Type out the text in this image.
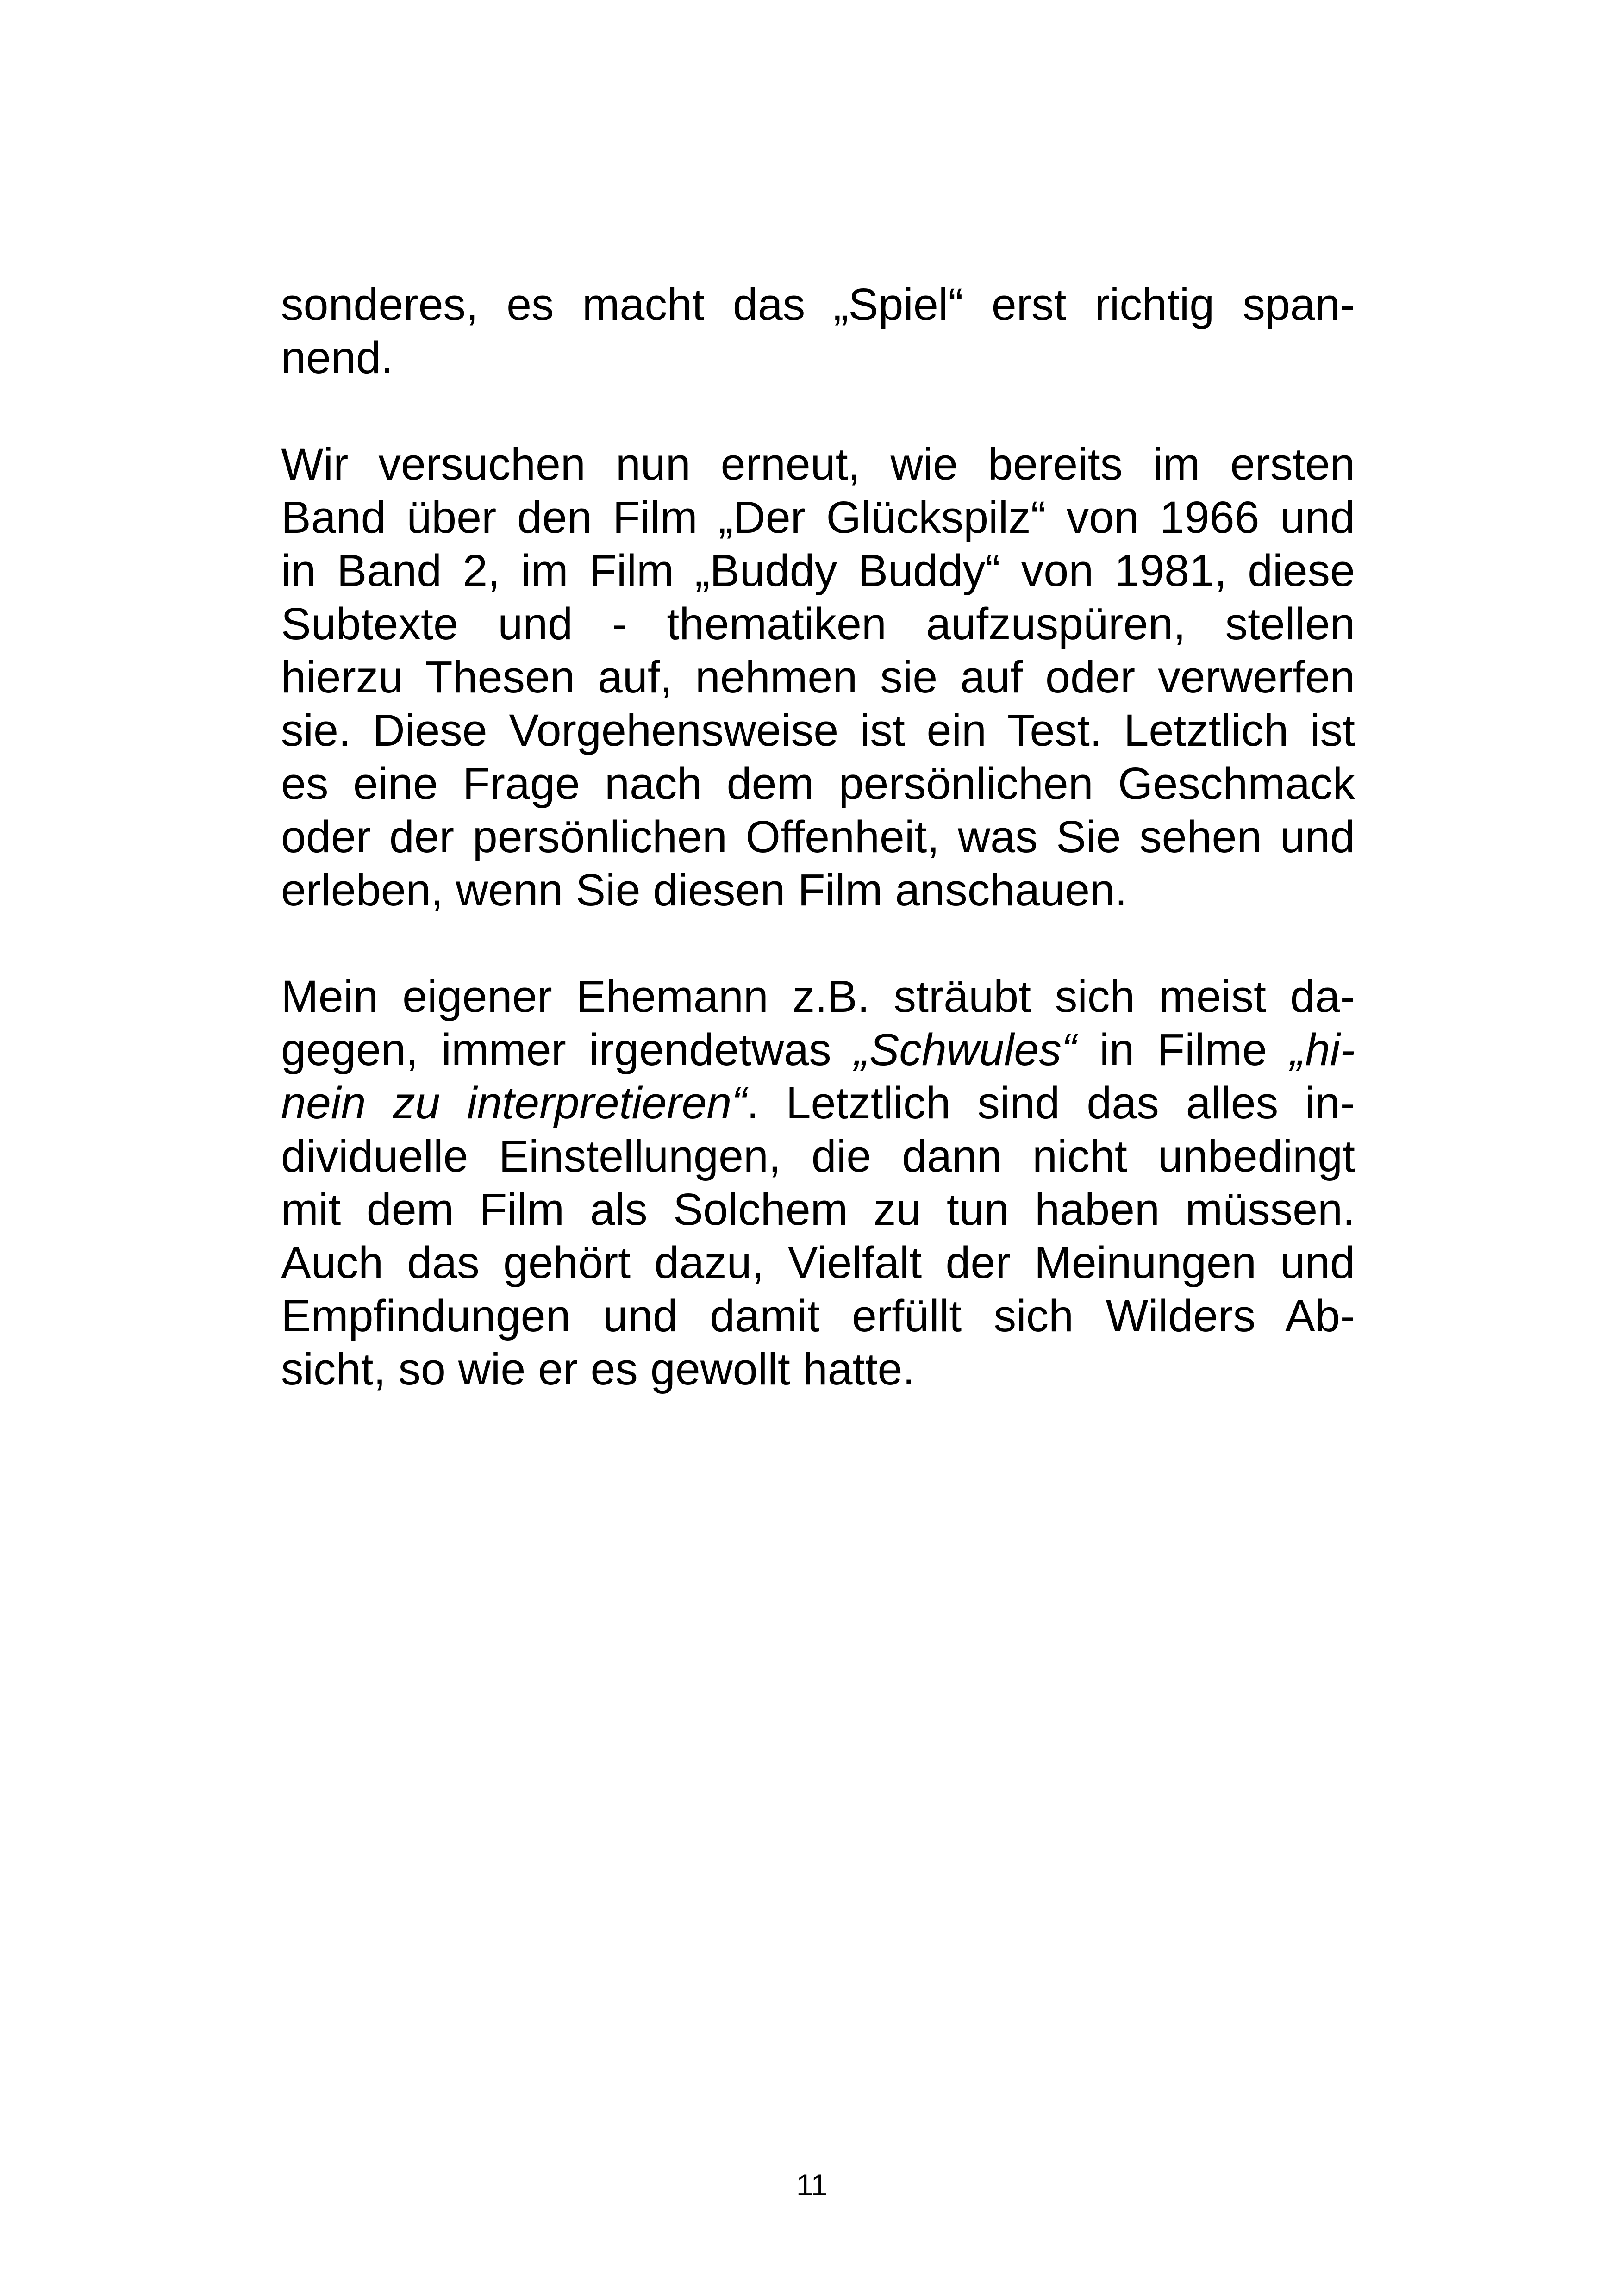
sonderes, es macht das „Spiel“ erst richtig span-
nend.
Wir versuchen nun erneut, wie bereits im ersten
Band über den Film „Der Glückspilz“ von 1966 und
in Band 2, im Film „Buddy Buddy“ von 1981, diese
Subtexte und - thematiken aufzuspüren, stellen
hierzu Thesen auf, nehmen sie auf oder verwerfen
sie. Diese Vorgehensweise ist ein Test. Letztlich ist
es eine Frage nach dem persönlichen Geschmack
oder der persönlichen Offenheit, was Sie sehen und
erleben, wenn Sie diesen Film anschauen.
Mein eigener Ehemann z.B. sträubt sich meist da-
gegen, immer irgendetwas „Schwules“ in Filme „hi-
nein zu interpretieren“. Letztlich sind das alles in-
dividuelle Einstellungen, die dann nicht unbedingt
mit dem Film als Solchem zu tun haben müssen.
Auch das gehört dazu, Vielfalt der Meinungen und
Empfindungen und damit erfüllt sich Wilders Ab-
sicht, so wie er es gewollt hatte.
11
